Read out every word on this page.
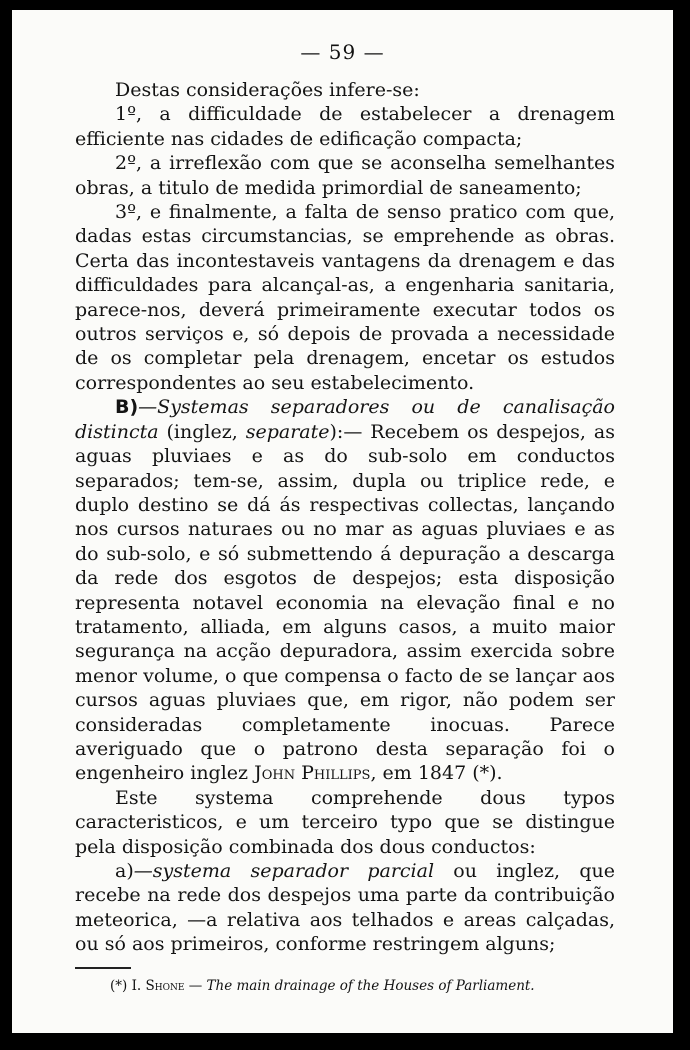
— 5​9 —

Destas considerações infere-se:

1º, a difficuldade de estabelecer a drenagem efficiente nas cidades de edificação compacta;

2º, a irreflexão com que se aconselha semelhantes obras, a titulo de medida primordial de saneamento;

3º, e finalmente, a falta de senso pratico com que, dadas estas circumstancias, se emprehende as obras. Certa das incontestaveis vantagens da drenagem e das difficuldades para alcançal-as, a engenharia sanitaria, parece-nos, deverá primeiramente executar todos os outros serviços e, só depois de provada a necessidade de os completar pela drenagem, encetar os estudos correspondentes ao seu estabelecimento.

B)—Systemas separadores ou de canalisação distincta (inglez, separate):— Recebem os despejos, as aguas pluviaes e as do sub-solo em conductos separados; tem-se, assim, dupla ou triplice rede, e duplo destino se dá ás respectivas collectas, lançando nos cursos naturaes ou no mar as aguas pluviaes e as do sub-solo, e só submettendo á depuração a descarga da rede dos esgotos de despejos; esta disposição representa notavel economia na elevação final e no tratamento, alliada, em alguns casos, a muito maior segurança na acção depuradora, assim exercida sobre menor volume, o que compensa o facto de se lançar aos cursos aguas pluviaes que, em rigor, não podem ser consideradas completamente inocuas. Parece averiguado que o patrono desta separação foi o engenheiro inglez John Phillips, em 1847 (*).

Este systema comprehende dous typos caracteristicos, e um terceiro typo que se distingue pela disposição combinada dos dous conductos:

a)—systema separador parcial ou inglez, que recebe na rede dos despejos uma parte da contribuição meteorica, —a relativa aos telhados e areas calçadas, ou só aos primeiros, conforme restringem alguns;

(*) I. Shone — The main drainage of the Houses of Parliament.
